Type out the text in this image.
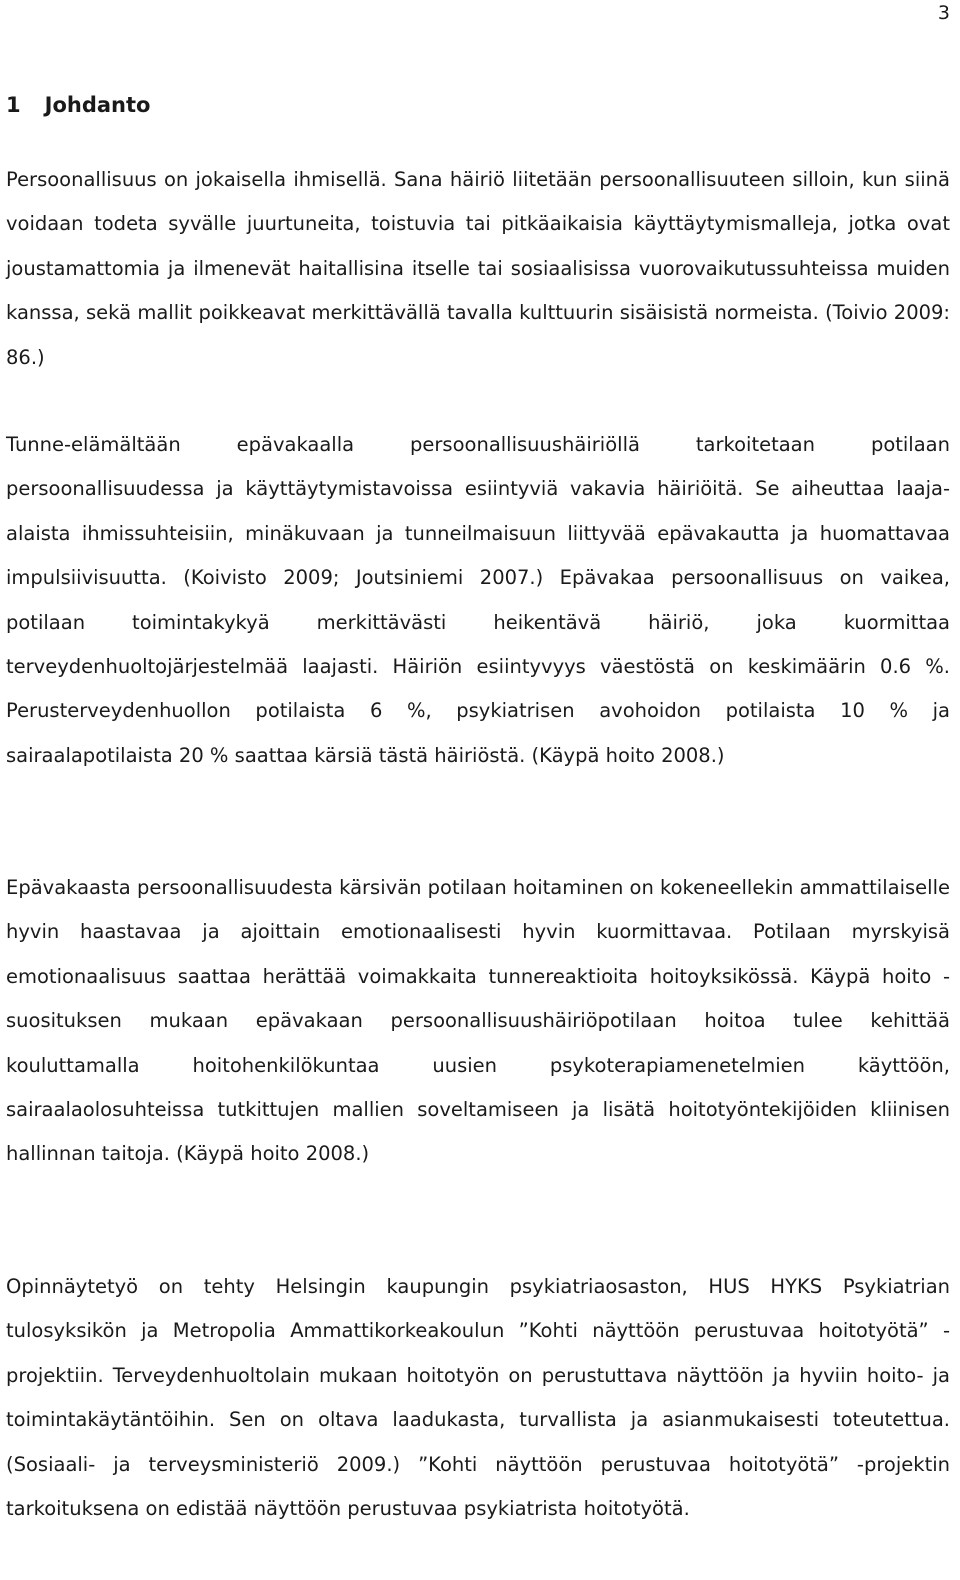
3
1 Johdanto

Persoonallisuus on jokaisella ihmisellä. Sana häiriö liitetään persoonallisuuteen silloin, kun siinä voidaan todeta syvälle juurtuneita, toistuvia tai pitkäaikaisia käyttäytymismalleja, jotka ovat joustamattomia ja ilmenevät haitallisina itselle tai sosiaalisissa vuorovaikutussuhteissa muiden kanssa, sekä mallit poikkeavat merkittävällä tavalla kulttuurin sisäisistä normeista. (Toivio 2009: 86.)

Tunne-elämältään epävakaalla persoonallisuushäiriöllä tarkoitetaan potilaan persoonallisuudessa ja käyttäytymistavoissa esiintyviä vakavia häiriöitä. Se aiheuttaa laaja-alaista ihmissuhteisiin, minäkuvaan ja tunneilmaisuun liittyvää epävakautta ja huomattavaa impulsiivisuutta. (Koivisto 2009; Joutsiniemi 2007.) Epävakaa persoonallisuus on vaikea, potilaan toimintakykyä merkittävästi heikentävä häiriö, joka kuormittaa terveydenhuoltojärjestelmää laajasti. Häiriön esiintyvyys väestöstä on keskimäärin 0.6 %. Perusterveydenhuollon potilaista 6 %, psykiatrisen avohoidon potilaista 10 % ja sairaalapotilaista 20 % saattaa kärsiä tästä häiriöstä. (Käypä hoito 2008.)

Epävakaasta persoonallisuudesta kärsivän potilaan hoitaminen on kokeneellekin ammattilaiselle hyvin haastavaa ja ajoittain emotionaalisesti hyvin kuormittavaa. Potilaan myrskyisä emotionaalisuus saattaa herättää voimakkaita tunnereaktioita hoitoyksikössä. Käypä hoito -suosituksen mukaan epävakaan persoonallisuushäiriöpotilaan hoitoa tulee kehittää kouluttamalla hoitohenkilökuntaa uusien psykoterapiamenetelmien käyttöön, sairaalaolosuhteissa tutkittujen mallien soveltamiseen ja lisätä hoitotyöntekijöiden kliinisen hallinnan taitoja. (Käypä hoito 2008.)

Opinnäytetyö on tehty Helsingin kaupungin psykiatriaosaston, HUS HYKS Psykiatrian tulosyksikön ja Metropolia Ammattikorkeakoulun ”Kohti näyttöön perustuvaa hoitotyötä” -projektiin. Terveydenhuoltolain mukaan hoitotyön on perustuttava näyttöön ja hyviin hoito- ja toimintakäytäntöihin. Sen on oltava laadukasta, turvallista ja asianmukaisesti toteutettua. (Sosiaali- ja terveysministeriö 2009.) ”Kohti näyttöön perustuvaa hoitotyötä” -projektin tarkoituksena on edistää näyttöön perustuvaa psykiatrista hoitotyötä.
